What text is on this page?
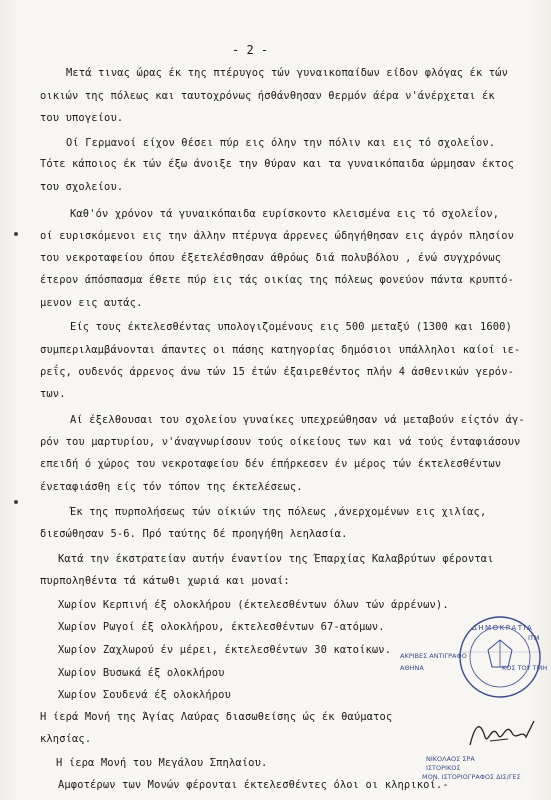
- 2 -
Μετά τινας ώρας έκ της πτέρυγος τών γυναικοπαίδων είδον φλόγας έκ τών
οικιών της πόλεως και ταυτοχρόνως ήσθάνθησαν θερμόν άέρα ν'άνέρχεται έκ
του υπογείου.
Οί Γερμανοί είχον θέσει πύρ εις όλην την πόλιν και εις τό σχολεΐον.
Τότε κάποιος έκ τών έξω άνοιξε την θύραν και τα γυναικόπαιδα ώρμησαν έκτος
του σχολείου.
Καθ'όν χρόνον τά γυναικόπαιδα ευρίσκοντο κλεισμένα εις τό σχολεΐον,
οί ευρισκόμενοι εις την άλλην πτέρυγα άρρενες ώδηγήθησαν εις άγρόν πλησίον
του νεκροταφείου όπου έξετελέσθησαν άθρόως διά πολυβόλου , ένώ συγχρόνως
έτερον άπόσπασμα έθετε πύρ εις τάς οικίας της πόλεως φονεύον πάντα κρυπτό-
μενον εις αυτάς.
Είς τους έκτελεσθέντας υπολογιζομένους εις 500 μεταξύ (1300 και 1600)
συμπεριλαμβάνονται άπαντες οι πάσης κατηγορίας δημόσιοι υπάλληλοι καίοί ιε-
ρεΐς, ουδενός άρρενος άνω τών 15 έτών έξαιρεθέντος πλήν 4 άσθενικών γερόν-
των.
Αί έξελθουσαι του σχολείου γυναίκες υπεχρεώθησαν νά μεταβούν είςτόν άγ-
ρόν του μαρτυρίου, ν'άναγνωρίσουν τούς οίκείους των και νά τούς ένταφιάσουν
επειδή ό χώρος του νεκροταφείου δέν έπήρκεσεν έν μέρος τών έκτελεσθέντων
ένεταφιάσθη είς τόν τόπον της έκτελέσεως.
Έκ της πυρπολήσεως τών οίκιών της πόλεως ,άνερχομένων εις χιλίας,
διεσώθησαν 5-6. Πρό ταύτης δέ προηγήθη λεηλασία.
Κατά την έκστρατείαν αυτήν έναντίον της Έπαρχίας Καλαβρύτων φέρονται
πυρποληθέντα τά κάτωθι χωριά και μοναί:
Χωρίον Κερπινή έξ ολοκλήρου (έκτελεσθέντων όλων τών άρρένων).
Χωρίον Ρωγοί έξ ολοκλήρου, έκτελεσθέντων 67-ατόμων.
Χωρίον Ζαχλωρού έν μέρει, έκτελεσθέντων 30 κατοίκων.
Χωρίον Βυσωκά έξ ολοκλήρου
Χωρίον Σουδενά έξ ολοκλήρου
Η ίερά Μονή της Άγίας Λαύρας διασωθείσης ώς έκ θαύματος
κλησίας.
Η ίερα Μονή του Μεγάλου Σπηλαίου.
Αμφοτέρων των Μονών φέρονται έκτελεσθέντες όλοι οι κληρικοί.-
ΔΗΜΟΚΡΑΤΙΑ
ΑΚΡΙΒΕΣ ΑΝΤΙΓΡΑΦΟ
ΑΘΗΝΑ	ΚΟΣ ΤΟΥ ΤΜΗ
ΙΤΜ
ΝΙΚΟΛΑΟΣ ΣΡΑ
ΙΣΤΟΡΙΚΟΣ
ΜΟΝ. ΙΣΤΟΡΙΟΓΡΑΦΟΣ ΔΙΣ/ΓΕΣ
